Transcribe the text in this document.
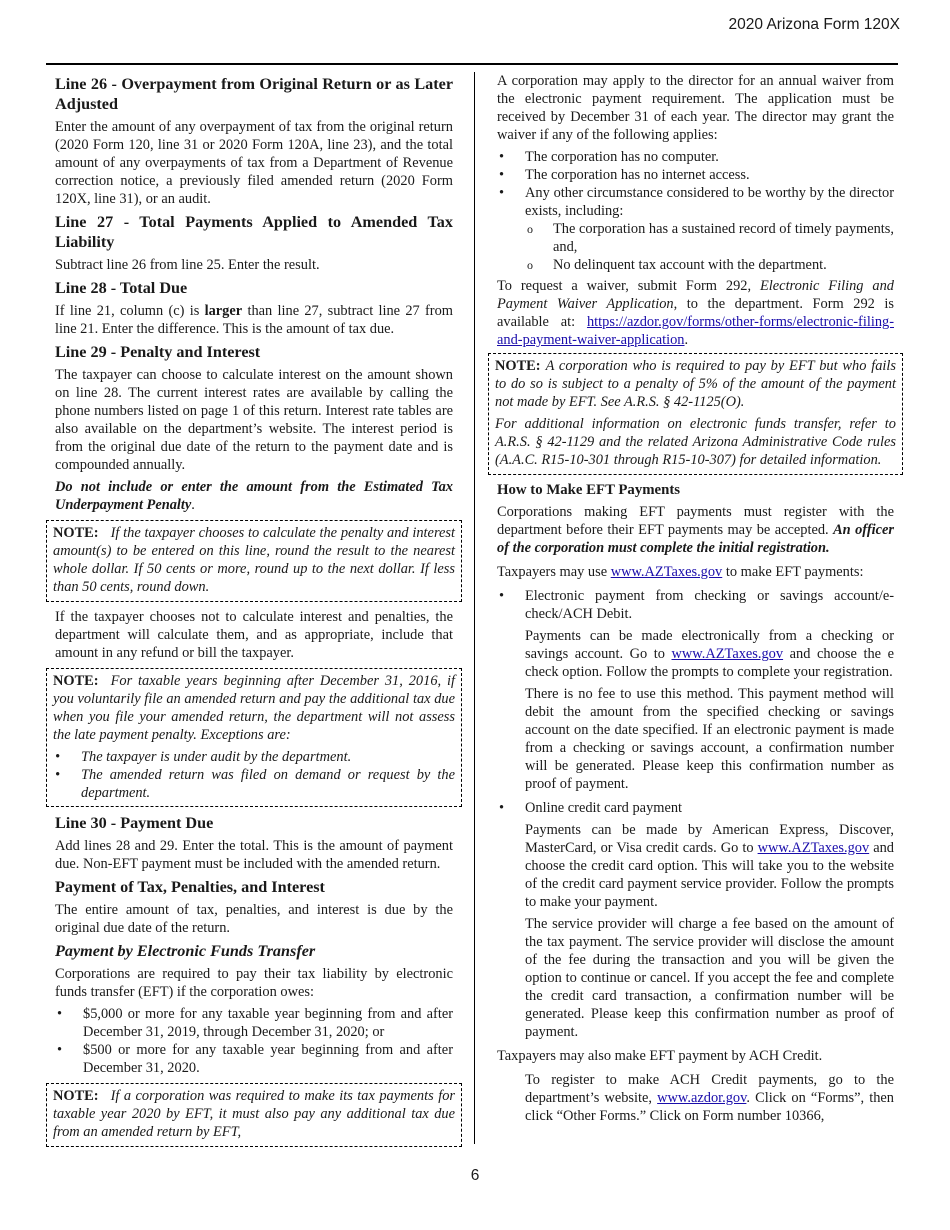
2020 Arizona Form 120X
Line 26 - Overpayment from Original Return or as Later Adjusted

Enter the amount of any overpayment of tax from the original return (2020 Form 120, line 31 or 2020 Form 120A, line 23), and the total amount of any overpayments of tax from a Department of Revenue correction notice, a previously filed amended return (2020 Form 120X, line 31), or an audit.

Line 27 - Total Payments Applied to Amended Tax Liability

Subtract line 26 from line 25. Enter the result.

Line 28 - Total Due

If line 21, column (c) is larger than line 27, subtract line 27 from line 21. Enter the difference. This is the amount of tax due.

Line 29 - Penalty and Interest

The taxpayer can choose to calculate interest on the amount shown on line 28. The current interest rates are available by calling the phone numbers listed on page 1 of this return. Interest rate tables are also available on the department’s website. The interest period is from the original due date of the return to the payment date and is compounded annually.

Do not include or enter the amount from the Estimated Tax Underpayment Penalty.

NOTE: If the taxpayer chooses to calculate the penalty and interest amount(s) to be entered on this line, round the result to the nearest whole dollar. If 50 cents or more, round up to the next dollar. If less than 50 cents, round down.

If the taxpayer chooses not to calculate interest and penalties, the department will calculate them, and as appropriate, include that amount in any refund or bill the taxpayer.

NOTE: For taxable years beginning after December 31, 2016, if you voluntarily file an amended return and pay the additional tax due when you file your amended return, the department will not assess the late payment penalty. Exceptions are:

• The taxpayer is under audit by the department.
• The amended return was filed on demand or request by the department.
Line 30 - Payment Due

Add lines 28 and 29. Enter the total. This is the amount of payment due. Non-EFT payment must be included with the amended return.

Payment of Tax, Penalties, and Interest

The entire amount of tax, penalties, and interest is due by the original due date of the return.

Payment by Electronic Funds Transfer

Corporations are required to pay their tax liability by electronic funds transfer (EFT) if the corporation owes:

• $5,000 or more for any taxable year beginning from and after December 31, 2019, through December 31, 2020; or
• $500 or more for any taxable year beginning from and after December 31, 2020.

NOTE: If a corporation was required to make its tax payments for taxable year 2020 by EFT, it must also pay any additional tax due from an amended return by EFT,

A corporation may apply to the director for an annual waiver from the electronic payment requirement. The application must be received by December 31 of each year. The director may grant the waiver if any of the following applies:

• The corporation has no computer.
• The corporation has no internet access.
• Any other circumstance considered to be worthy by the director exists, including:
o The corporation has a sustained record of timely payments, and,
o No delinquent tax account with the department.

To request a waiver, submit Form 292, Electronic Filing and Payment Waiver Application, to the department. Form 292 is available at: https://azdor.gov/forms/other-forms/electronic-filing-and-payment-waiver-application.

NOTE: A corporation who is required to pay by EFT but who fails to do so is subject to a penalty of 5% of the amount of the payment not made by EFT. See A.R.S. § 42-1125(O).

For additional information on electronic funds transfer, refer to A.R.S. § 42-1129 and the related Arizona Administrative Code rules (A.A.C. R15-10-301 through R15-10-307) for detailed information.

How to Make EFT Payments

Corporations making EFT payments must register with the department before their EFT payments may be accepted. An officer of the corporation must complete the initial registration.

Taxpayers may use www.AZTaxes.gov to make EFT payments:

• Electronic payment from checking or savings account/e-check/ACH Debit.

Payments can be made electronically from a checking or savings account. Go to www.AZTaxes.gov and choose the e check option. Follow the prompts to complete your registration.

There is no fee to use this method. This payment method will debit the amount from the specified checking or savings account on the date specified. If an electronic payment is made from a checking or savings account, a confirmation number will be generated. Please keep this confirmation number as proof of payment.

• Online credit card payment

Payments can be made by American Express, Discover, MasterCard, or Visa credit cards. Go to www.AZTaxes.gov and choose the credit card option. This will take you to the website of the credit card payment service provider. Follow the prompts to make your payment.

The service provider will charge a fee based on the amount of the tax payment. The service provider will disclose the amount of the fee during the transaction and you will be given the option to continue or cancel. If you accept the fee and complete the credit card transaction, a confirmation number will be generated. Please keep this confirmation number as proof of payment.

Taxpayers may also make EFT payment by ACH Credit.

To register to make ACH Credit payments, go to the department’s website, www.azdor.gov. Click on “Forms”, then click “Other Forms.” Click on Form number 10366,

6
